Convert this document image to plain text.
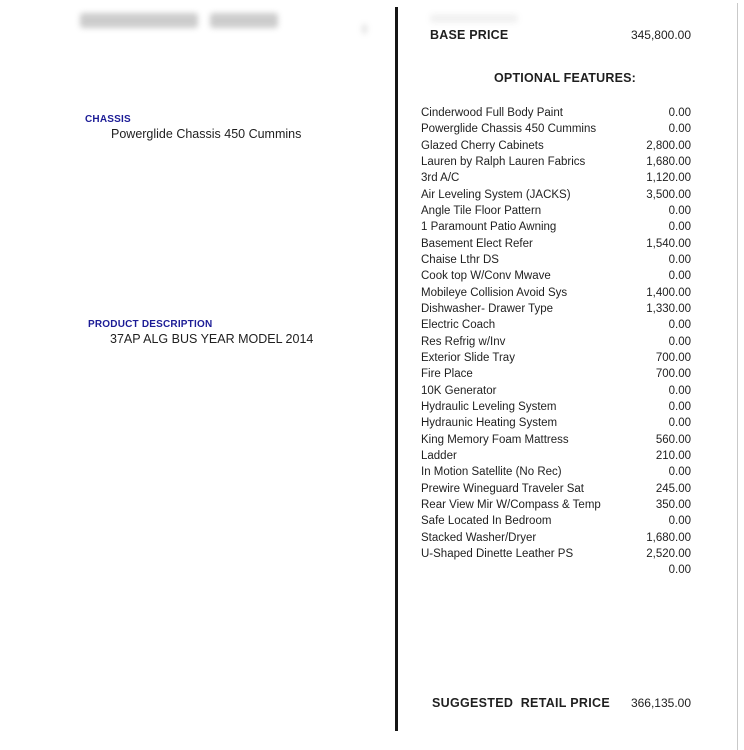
CHASSIS
Powerglide Chassis 450 Cummins
PRODUCT DESCRIPTION
37AP ALG BUS YEAR MODEL 2014
BASE PRICE	345,800.00
OPTIONAL FEATURES:
Cinderwood Full Body Paint	0.00
Powerglide Chassis 450 Cummins	0.00
Glazed Cherry Cabinets	2,800.00
Lauren by Ralph Lauren Fabrics	1,680.00
3rd A/C	1,120.00
Air Leveling System (JACKS)	3,500.00
Angle Tile Floor Pattern	0.00
1 Paramount Patio Awning	0.00
Basement Elect Refer	1,540.00
Chaise Lthr DS	0.00
Cook top W/Conv Mwave	0.00
Mobileye Collision Avoid Sys	1,400.00
Dishwasher- Drawer Type	1,330.00
Electric Coach	0.00
Res Refrig w/Inv	0.00
Exterior Slide Tray	700.00
Fire Place	700.00
10K Generator	0.00
Hydraulic Leveling System	0.00
Hydraunic Heating System	0.00
King Memory Foam Mattress	560.00
Ladder	210.00
In Motion Satellite (No Rec)	0.00
Prewire Wineguard Traveler Sat	245.00
Rear View Mir W/Compass & Temp	350.00
Safe Located In Bedroom	0.00
Stacked Washer/Dryer	1,680.00
U-Shaped Dinette Leather PS	2,520.00
0.00
SUGGESTED  RETAIL PRICE 366,135.00
